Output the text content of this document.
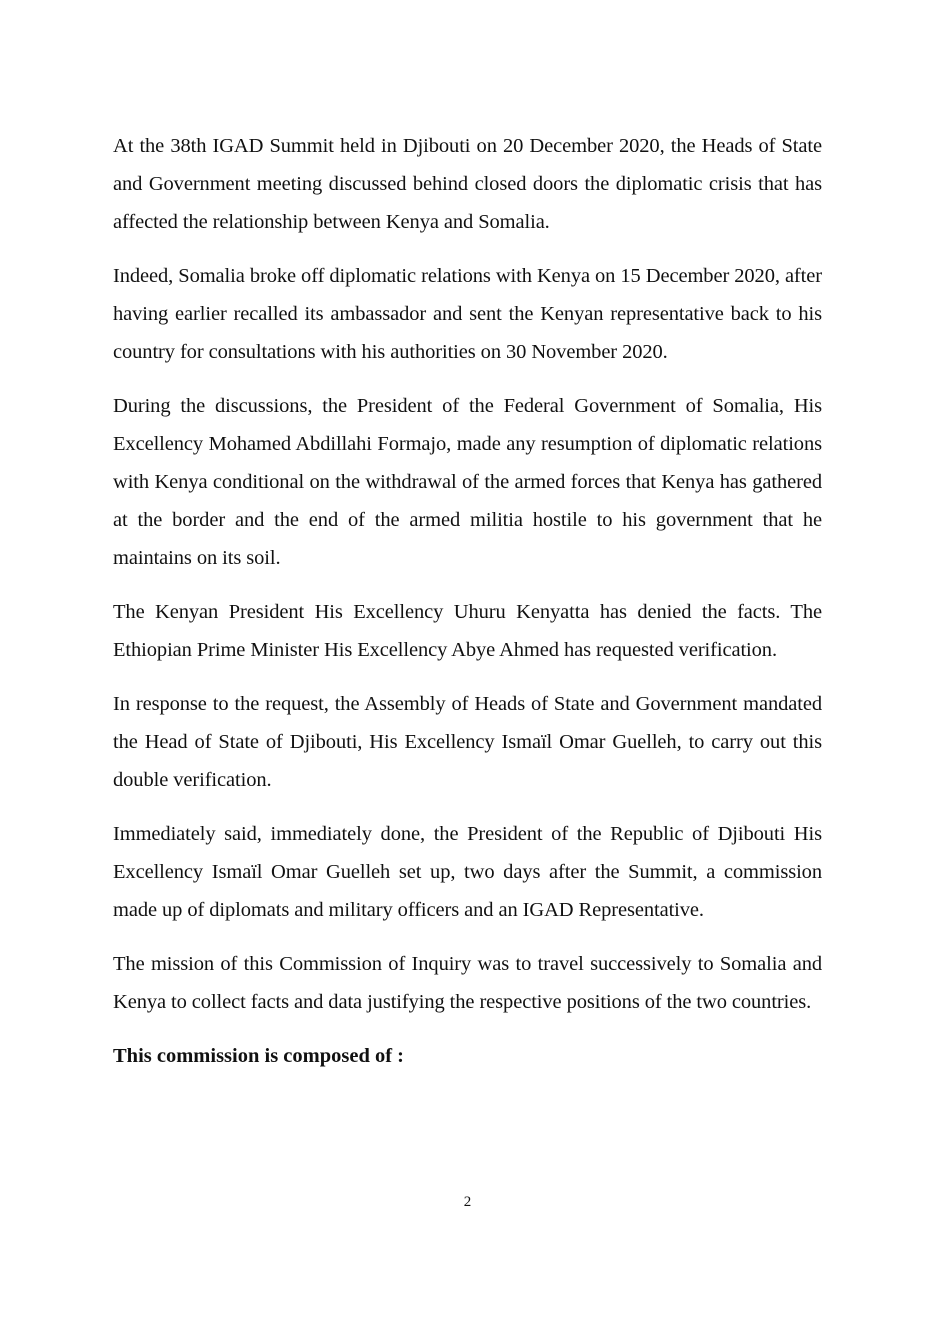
At the 38th IGAD Summit held in Djibouti on 20 December 2020, the Heads of State and Government meeting discussed behind closed doors the diplomatic crisis that has affected the relationship between Kenya and Somalia.

Indeed, Somalia broke off diplomatic relations with Kenya on 15 December 2020, after having earlier recalled its ambassador and sent the Kenyan representative back to his country for consultations with his authorities on 30 November 2020.

During the discussions, the President of the Federal Government of Somalia, His Excellency Mohamed Abdillahi Formajo, made any resumption of diplomatic relations with Kenya conditional on the withdrawal of the armed forces that Kenya has gathered at the border and the end of the armed militia hostile to his government that he maintains on its soil.

The Kenyan President His Excellency Uhuru Kenyatta has denied the facts. The Ethiopian Prime Minister His Excellency Abye Ahmed has requested verification.

In response to the request, the Assembly of Heads of State and Government mandated the Head of State of Djibouti, His Excellency Ismaïl Omar Guelleh, to carry out this double verification.

Immediately said, immediately done, the President of the Republic of Djibouti His Excellency Ismaïl Omar Guelleh set up, two days after the Summit, a commission made up of diplomats and military officers and an IGAD Representative.

The mission of this Commission of Inquiry was to travel successively to Somalia and Kenya to collect facts and data justifying the respective positions of the two countries.

This commission is composed of :

2
